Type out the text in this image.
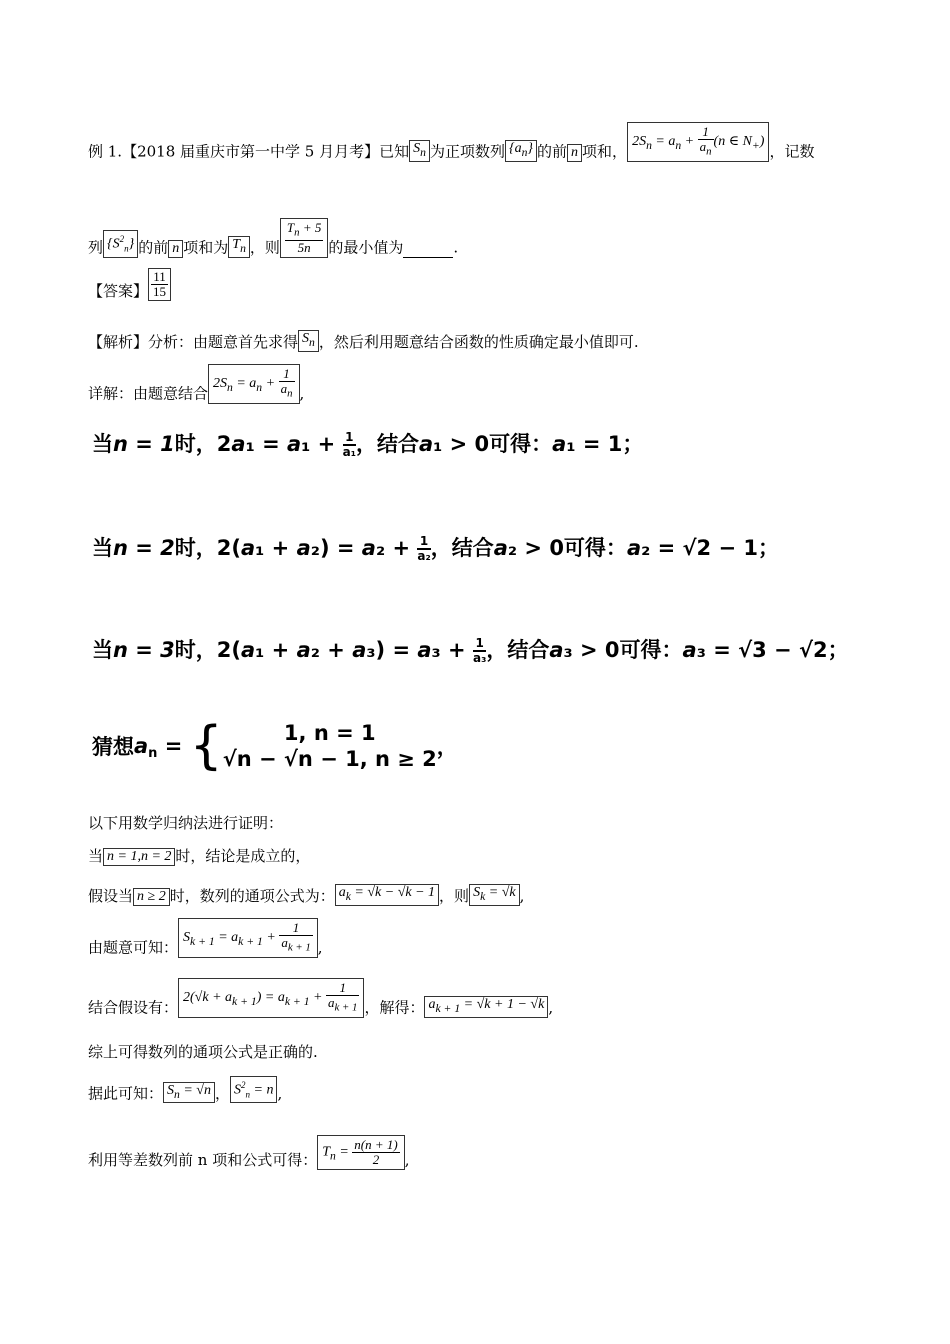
例 1.【2018 届重庆市第一中学 5 月月考】已知 $S_n$ 为正项数列 $\{a_n\}$ 的前 n 项和，$2S_n = a_n + \frac{1}{a_n} (n$ ∈ $N_+$)，记数
列 $\{S^2_n\}$ 的前 n 项和为 $T_n$ ，则 $\frac{T_n + 5}{5n}$ 的最小值为	.
【答案】 $\frac{11}{15}$
【解析】分析：由题意首先求得 $S_n$ ，然后利用题意结合函数的性质确定最小值即可.
详解：由题意结合$2S_n = a_n + \frac{1}{a_n}$ ,
当n = 1时，$2a_1 = a_1 + \frac{1}{\text{a₁}}$ ，结合a₁ > 0可得：a₁ = 1；
当n = 2时，$2(a_1 + a_2) = a_2 + \frac{1}{\text{a₂}}$ ，结合a₂ > 0可得：a₂ = √2 − 1；
当n = 3时，$2(a_1 + a_2 + a_3) = a_3 + \frac{1}{\text{a₃}}$ ，结合a₃ > 0可得：a₃ = √3 − √2；
猜想$a_n$ = {	1, n = 1
√n − √n − 1, n ≥ 2 ，
以下用数学归纳法进行证明：
当 n = 1,n = 2 时，结论是成立的，
假设当 n ≥ 2 时，数列的通项公式为： $a_k = √k - √k - 1$ ，则 $S_k = √k$ ,
由题意可知：$S_{k + 1} = a_{k + 1} + \frac{1}{a_{k + 1}}$ ,
结合假设有：$2(√k + a_{k + 1}) = a_{k + 1} + \frac{1}{a_{k + 1}}$ ，解得： $a_{k + 1} = √k + 1 - √k$ ,
综上可得数列的通项公式是正确的.
据此可知： $S_n = √n$ ， $S^2_n = n$ ,
利用等差数列前 n 项和公式可得： $T_n = \frac{n(n + 1)}{2}$ ,
